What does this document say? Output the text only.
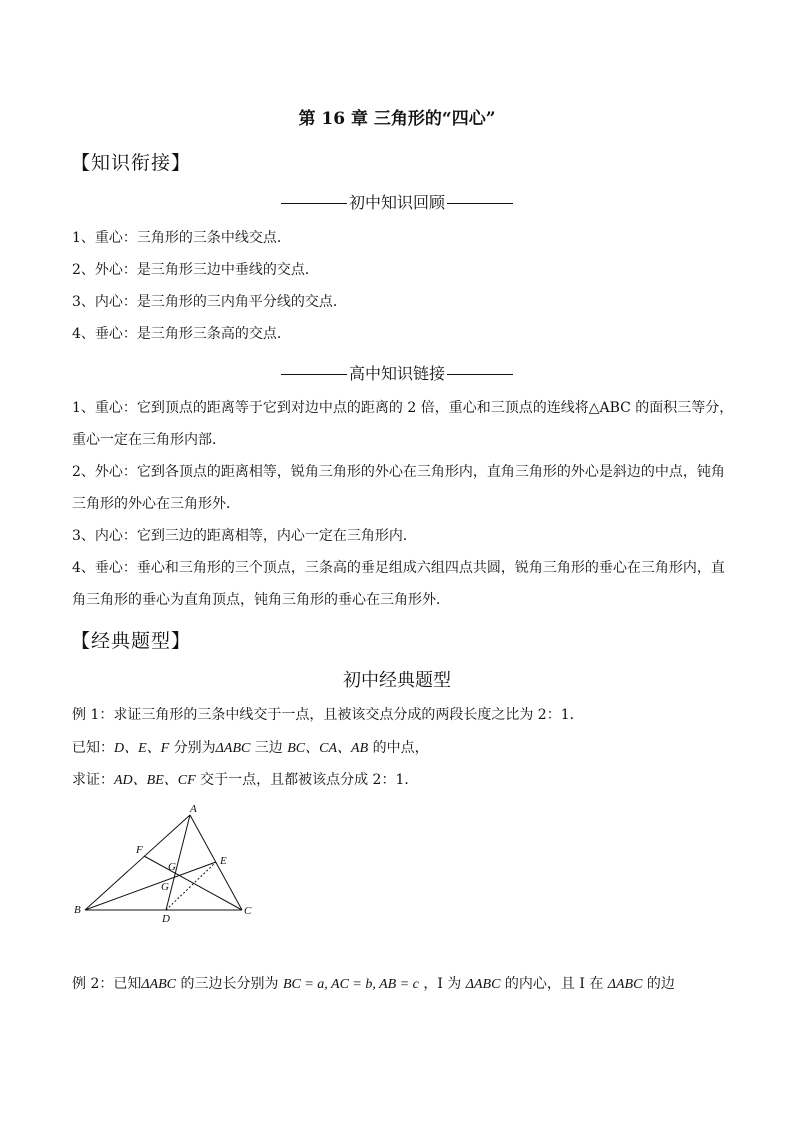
第 16 章 三角形的“四心”
【知识衔接】
初中知识回顾
1、重心：三角形的三条中线交点．
2、外心：是三角形三边中垂线的交点．
3、内心：是三角形的三内角平分线的交点．
4、垂心：是三角形三条高的交点．
高中知识链接
1、重心：它到顶点的距离等于它到对边中点的距离的 2 倍，重心和三顶点的连线将△ABC 的面积三等分，
重心一定在三角形内部．
2、外心：它到各顶点的距离相等，锐角三角形的外心在三角形内，直角三角形的外心是斜边的中点，钝角
三角形的外心在三角形外．
3、内心：它到三边的距离相等，内心一定在三角形内．
4、垂心：垂心和三角形的三个顶点，三条高的垂足组成六组四点共圆，锐角三角形的垂心在三角形内，直
角三角形的垂心为直角顶点，钝角三角形的垂心在三角形外．
【经典题型】
初中经典题型
例 1：求证三角形的三条中线交于一点，且被该交点分成的两段长度之比为 2：1．
已知：D、E、F 分别为ΔABC 三边 BC、CA、AB 的中点，
求证：AD、BE、CF 交于一点，且都被该点分成 2：1．
A
B	C
D
E
F
G
G
例 2：已知ΔABC 的三边长分别为 BC = a, AC = b, AB = c ，I 为 ΔABC 的内心，且 I 在 ΔABC 的边
